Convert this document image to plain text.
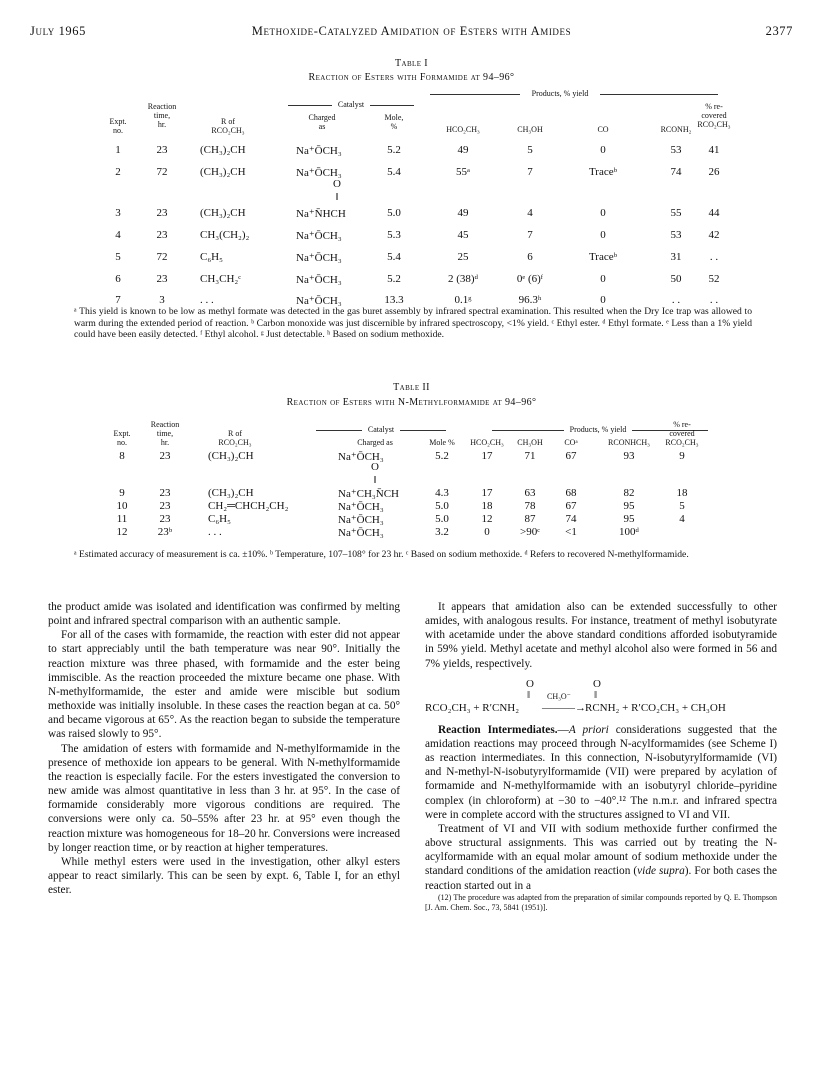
July 1965	Methoxide-Catalyzed Amidation of Esters with Amides	2377
Table I
Reaction of Esters with Formamide at 94–96°
Catalyst
Products, % yield
Expt.
no.
Reaction
time,
hr.	R of
RCO₂CH₃
Charged
as
Mole,
%	HCO₂CH₃	CH₃OH	CO	RCONH₂
% re-
covered
RCO₂CH₃
1	23	(CH₃)₂CH	Na⁺ŌCH₃	5.2	49	5	0	53	41
2	72	(CH₃)₂CH	Na⁺ŌCH₃	5.4	55ᵃ	7	Traceᵇ	74	26
3	23	(CH₃)₂CH	Na⁺N̄HCH	5.0	49	4	0	55	44
4	23	CH₃(CH₂)₂	Na⁺ŌCH₃	5.3	45	7	0	53	42
5	72	C₆H₅	Na⁺ŌCH₃	5.4	25	6	Traceᵇ	31	. .
6	23	CH₃CH₂ᶜ	Na⁺ŌCH₃	5.2	2 (38)ᵈ	0ᵉ (6)ᶠ	0	50	52
7	3	. . .	Na⁺ŌCH₃	13.3	0.1ᵍ	96.3ʰ	0	. .	. .
O
‖
ᵃ This yield is known to be low as methyl formate was detected in the gas buret assembly by infrared spectral examination. This resulted when the Dry Ice trap was allowed to warm during the extended period of reaction. ᵇ Carbon monoxide was just discernible by infrared spectroscopy, <1% yield. ᶜ Ethyl ester. ᵈ Ethyl formate. ᵉ Less than a 1% yield could have been easily detected. ᶠ Ethyl alcohol. ᵍ Just detectable. ʰ Based on sodium methoxide.
Table II
Reaction of Esters with N-Methylformamide at 94–96°
Catalyst	Products, % yield
Expt.
no.
Reaction
time,
hr.
R of
RCO₂CH₃	Charged as	Mole %	HCO₂CH₃	CH₃OH	COᵃ	RCONHCH₃
% re-
covered
RCO₂CH₃
8	23	(CH₃)₂CH	Na⁺ŌCH₃	5.2	17	71	67	93	9
9	23	(CH₃)₂CH	Na⁺CH₃N̄CH	4.3	17	63	68	82	18
10	23	CH₂═CHCH₂CH₂	Na⁺ŌCH₃	5.0	18	78	67	95	5
11	23	C₆H₅	Na⁺ŌCH₃	5.0	12	87	74	95	4
12	23ᵇ	. . .	Na⁺ŌCH₃	3.2	0	>90ᶜ	<1	100ᵈ
O
‖
ᵃ Estimated accuracy of measurement is ca. ±10%. ᵇ Temperature, 107–108° for 23 hr. ᶜ Based on sodium methoxide. ᵈ Refers to recovered N-methylformamide.

the product amide was isolated and identification was confirmed by melting point and infrared spectral comparison with an authentic sample.

For all of the cases with formamide, the reaction with ester did not appear to start appreciably until the bath temperature was near 90°. Initially the reaction mixture was three phased, with formamide and the ester being immiscible. As the reaction proceeded the mixture became one phase. With N-methylformamide, the ester and amide were miscible but sodium methoxide was initially insoluble. In these cases the reaction began at ca. 50° and became vigorous at 65°. As the reaction began to subside the temperature was raised slowly to 95°.

The amidation of esters with formamide and N-methylformamide in the presence of methoxide ion appears to be general. With N-methylformamide the reaction is especially facile. For the esters investigated the conversion to new amide was almost quantitative in less than 3 hr. at 95°. In the case of formamide considerably more vigorous conditions are required. The conversions were only ca. 50–55% after 23 hr. at 95° even though the reaction mixture was homogeneous for 18–20 hr. Conversions were increased by longer reaction time, or by reaction at higher temperatures.

While methyl esters were used in the investigation, other alkyl esters appear to react similarly. This can be seen by expt. 6, Table I, for an ethyl ester.

It appears that amidation also can be extended successfully to other amides, with analogous results. For instance, treatment of methyl isobutyrate with acetamide under the above standard conditions afforded isobutyramide in 59% yield. Methyl acetate and methyl alcohol also were formed in 56 and 7% yields, respectively.

O	O
‖	‖
CH₃O⁻
RCO₂CH₃ + R′CNH₂ ———→ RCNH₂ + R′CO₂CH₃ + CH₃OH

Reaction Intermediates.—A priori considerations suggested that the amidation reactions may proceed through N-acylformamides (see Scheme I) as reaction intermediates. In this connection, N-isobutyrylformamide (VI) and N-methyl-N-isobutyrylformamide (VII) were prepared by acylation of formamide and N-methylformamide with an isobutyryl chloride–pyridine complex (in chloroform) at −30 to −40°.¹² The n.m.r. and infrared spectra were in complete accord with the structures assigned to VI and VII.

Treatment of VI and VII with sodium methoxide further confirmed the above structural assignments. This was carried out by treating the N-acylformamide with an equal molar amount of sodium methoxide under the standard conditions of the amidation reaction (vide supra). For both cases the reaction started out in a

(12) The procedure was adapted from the preparation of similar compounds reported by Q. E. Thompson [J. Am. Chem. Soc., 73, 5841 (1951)].
